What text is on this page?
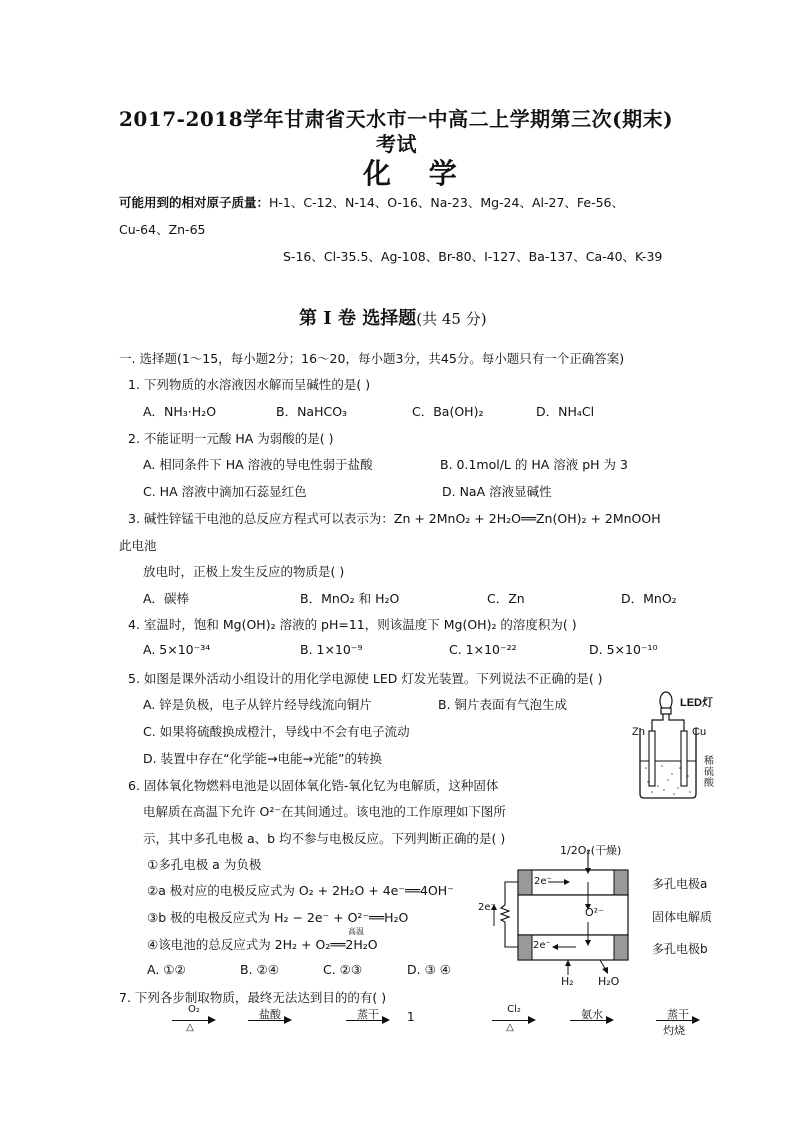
2017-2018学年甘肃省天水市一中高二上学期第三次(期末)
考试
化 学
可能用到的相对原子质量：H-1、C-12、N-14、O-16、Na-23、Mg-24、Al-27、Fe-56、
Cu-64、Zn-65
S-16、Cl-35.5、Ag-108、Br-80、I-127、Ba-137、Ca-40、K-39
第 I 卷 选择题(共 45 分)
一. 选择题(1～15，每小题2分；16～20，每小题3分，共45分。每小题只有一个正确答案)
1. 下列物质的水溶液因水解而呈碱性的是( )
A．NH₃·H₂O	B．NaHCO₃	C．Ba(OH)₂	D．NH₄Cl
2. 不能证明一元酸 HA 为弱酸的是( )
A. 相同条件下 HA 溶液的导电性弱于盐酸	B. 0.1mol/L 的 HA 溶液 pH 为 3
C. HA 溶液中滴加石蕊显红色	D. NaA 溶液显碱性
3. 碱性锌锰干电池的总反应方程式可以表示为：Zn + 2MnO₂ + 2H₂O══Zn(OH)₂ + 2MnOOH
此电池
放电时，正极上发生反应的物质是( )
A．碳棒	B．MnO₂ 和 H₂O	C．Zn	D．MnO₂
4. 室温时，饱和 Mg(OH)₂ 溶液的 pH=11，则该温度下 Mg(OH)₂ 的溶度积为( )
A. 5×10⁻³⁴	B. 1×10⁻⁹	C. 1×10⁻²²	D. 5×10⁻¹⁰
5. 如图是课外活动小组设计的用化学电源使 LED 灯发光装置。下列说法不正确的是( )
A. 锌是负极，电子从锌片经导线流向铜片	B. 铜片表面有气泡生成
C. 如果将硫酸换成橙汁，导线中不会有电子流动
D. 装置中存在“化学能→电能→光能”的转换
LED灯
Zn	Cu
稀硫酸
6. 固体氧化物燃料电池是以固体氧化锆-氧化钇为电解质，这种固体
电解质在高温下允许 O²⁻在其间通过。该电池的工作原理如下图所
示，其中多孔电极 a、b 均不参与电极反应。下列判断正确的是( )
①多孔电极 a 为负极
②a 极对应的电极反应式为 O₂ + 2H₂O + 4e⁻══4OH⁻
③b 极的电极反应式为 H₂ − 2e⁻ + O²⁻══H₂O
④该电池的总反应式为 2H₂ + O₂══2H₂O
高温
A. ①②	B. ②④	C. ②③	D. ③ ④
1/2O₂(干燥)
多孔电极a
固体电解质
多孔电极b
2e⁻
2e⁻
2e⁻	O²⁻
H₂ H₂O
7. 下列各步制取物质，最终无法达到目的的有( )
O₂
△
盐酸	蒸干	1
Cl₂
△
氨水	蒸干
灼烧
